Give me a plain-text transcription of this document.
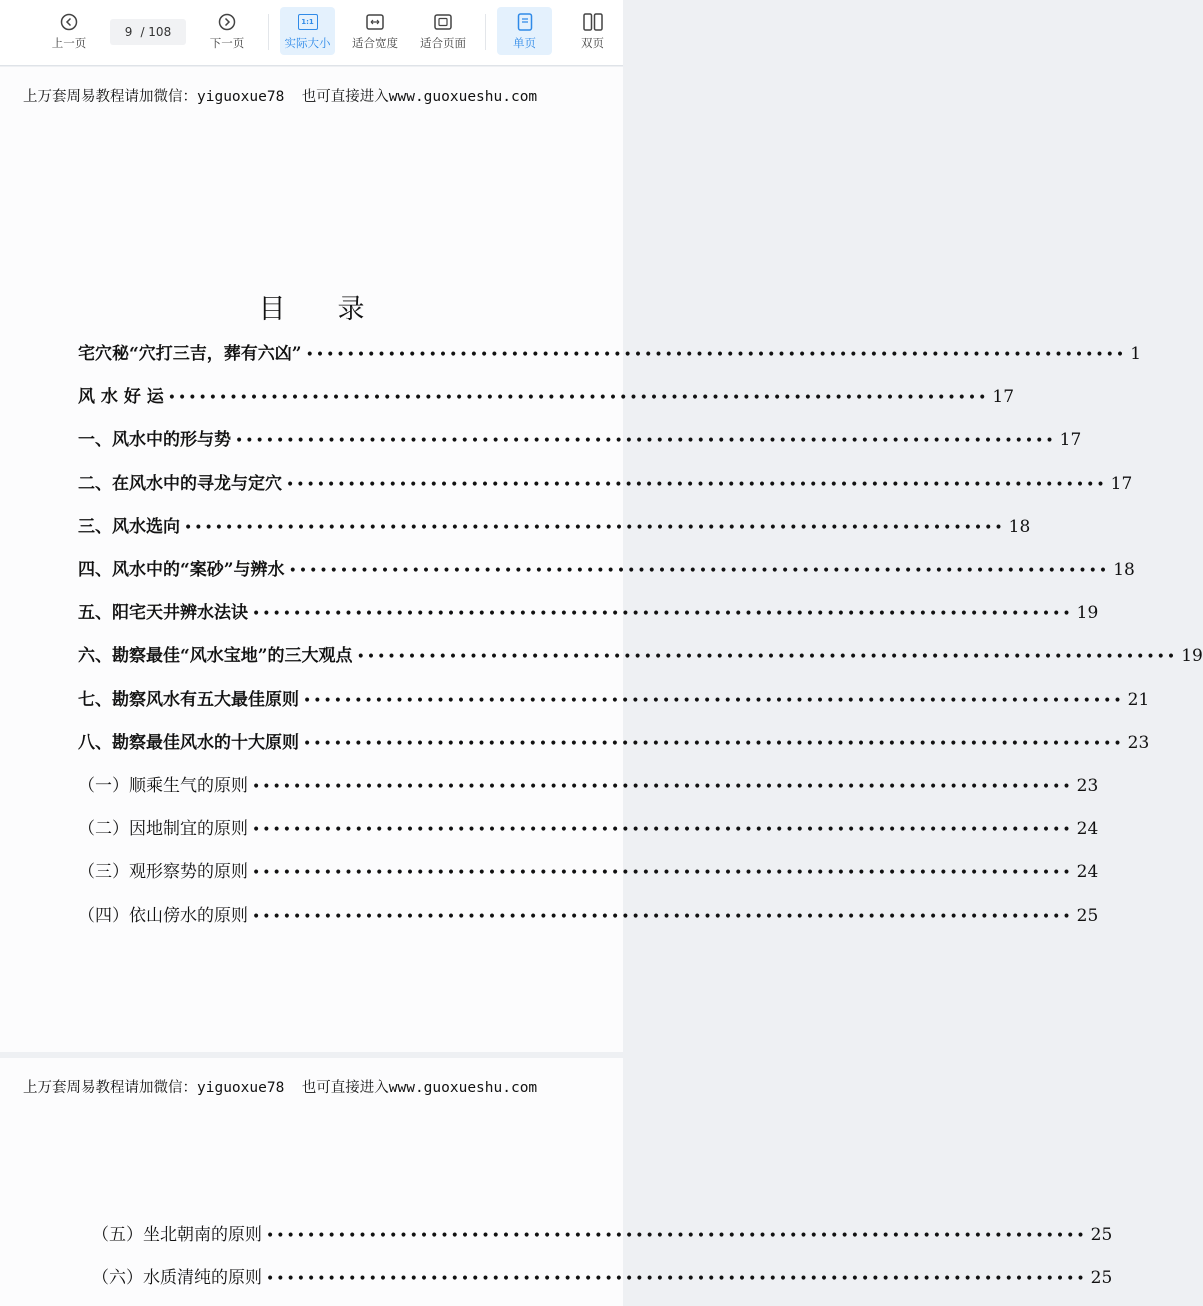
上一页
9 / 108
下一页
1:1
实际大小 适合宽度 适合页面	单页	双页
上万套周易教程请加微信：yiguoxue78  也可直接进入www.guoxueshu.com
目录
宅穴秘“穴打三吉，葬有六凶” •••••••••••••••••••••••••••••••••••••••••••••••••••••••••••••••••••••••••••••••• 1
风 水 好 运 •••••••••••••••••••••••••••••••••••••••••••••••••••••••••••••••••••••••••••••••• 17
一、风水中的形与势 •••••••••••••••••••••••••••••••••••••••••••••••••••••••••••••••••••••••••••••••• 17
二、在风水中的寻龙与定穴 •••••••••••••••••••••••••••••••••••••••••••••••••••••••••••••••••••••••••••••••• 17
三、风水选向 •••••••••••••••••••••••••••••••••••••••••••••••••••••••••••••••••••••••••••••••• 18
四、风水中的“案砂”与辨水 •••••••••••••••••••••••••••••••••••••••••••••••••••••••••••••••••••••••••••••••• 18
五、阳宅天井辨水法诀 •••••••••••••••••••••••••••••••••••••••••••••••••••••••••••••••••••••••••••••••• 19
六、勘察最佳“风水宝地”的三大观点 •••••••••••••••••••••••••••••••••••••••••••••••••••••••••••••••••••••••••••••••• 19
七、勘察风水有五大最佳原则 •••••••••••••••••••••••••••••••••••••••••••••••••••••••••••••••••••••••••••••••• 21
八、勘察最佳风水的十大原则 •••••••••••••••••••••••••••••••••••••••••••••••••••••••••••••••••••••••••••••••• 23
（一）顺乘生气的原则 •••••••••••••••••••••••••••••••••••••••••••••••••••••••••••••••••••••••••••••••• 23
（二）因地制宜的原则 •••••••••••••••••••••••••••••••••••••••••••••••••••••••••••••••••••••••••••••••• 24
（三）观形察势的原则 •••••••••••••••••••••••••••••••••••••••••••••••••••••••••••••••••••••••••••••••• 24
（四）依山傍水的原则 •••••••••••••••••••••••••••••••••••••••••••••••••••••••••••••••••••••••••••••••• 25
上万套周易教程请加微信：yiguoxue78  也可直接进入www.guoxueshu.com
（五）坐北朝南的原则 •••••••••••••••••••••••••••••••••••••••••••••••••••••••••••••••••••••••••••••••• 25
（六）水质清纯的原则 •••••••••••••••••••••••••••••••••••••••••••••••••••••••••••••••••••••••••••••••• 25
